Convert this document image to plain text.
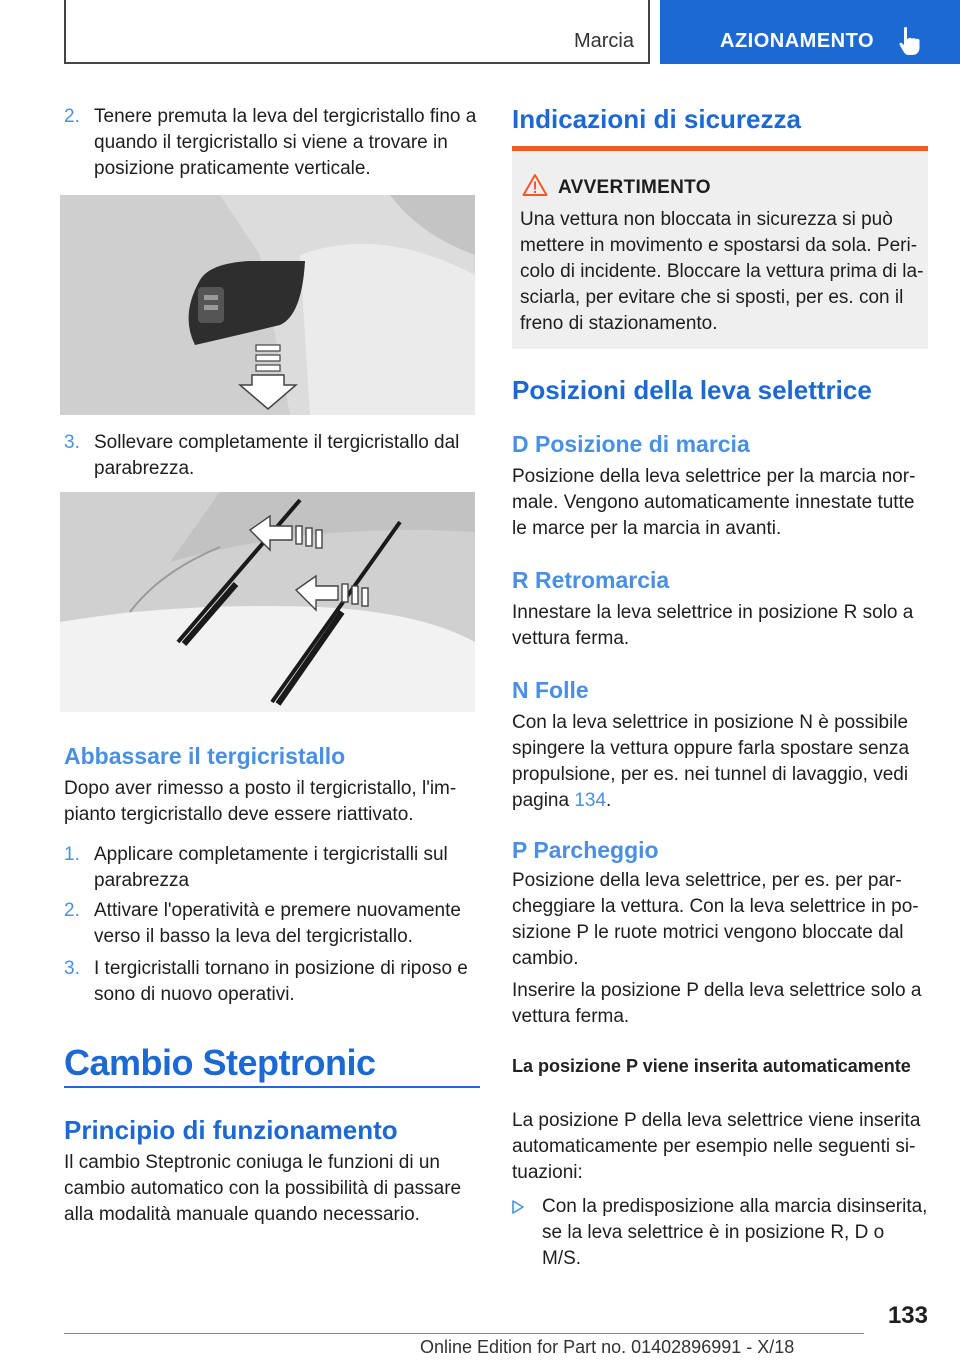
Marcia	AZIONAMENTO
2. Tenere premuta la leva del tergicristallo fino a quando il tergicristallo si viene a trovare in posizione praticamente verticale.

3. Sollevare completamente il tergicristallo dal parabrezza.

Abbassare il tergicristallo

Dopo aver rimesso a posto il tergicristallo, l'impianto tergicristallo deve essere riattivato.

1. Applicare completamente i tergicristalli sul parabrezza

2. Attivare l'operatività e premere nuovamente verso il basso la leva del tergicristallo.

3. I tergicristalli tornano in posizione di riposo e sono di nuovo operativi.

Cambio Steptronic
Principio di funzionamento

Il cambio Steptronic coniuga le funzioni di un cambio automatico con la possibilità di passare alla modalità manuale quando necessario.

Indicazioni di sicurezza
AVVERTIMENTO

Una vettura non bloccata in sicurezza si può mettere in movimento e spostarsi da sola. Pericolo di incidente. Bloccare la vettura prima di lasciarla, per evitare che si sposti, per es. con il freno di stazionamento.

Posizioni della leva selettrice
D Posizione di marcia

Posizione della leva selettrice per la marcia normale. Vengono automaticamente innestate tutte le marce per la marcia in avanti.

R Retromarcia

Innestare la leva selettrice in posizione R solo a vettura ferma.

N Folle

Con la leva selettrice in posizione N è possibile spingere la vettura oppure farla spostare senza propulsione, per es. nei tunnel di lavaggio, vedi pagina 134.

P Parcheggio

Posizione della leva selettrice, per es. per parcheggiare la vettura. Con la leva selettrice in posizione P le ruote motrici vengono bloccate dal cambio.

Inserire la posizione P della leva selettrice solo a vettura ferma.

La posizione P viene inserita automaticamente

La posizione P della leva selettrice viene inserita automaticamente per esempio nelle seguenti situazioni:

Con la predisposizione alla marcia disinserita, se la leva selettrice è in posizione R, D o M/S.

133
Online Edition for Part no. 01402896991 - X/18
